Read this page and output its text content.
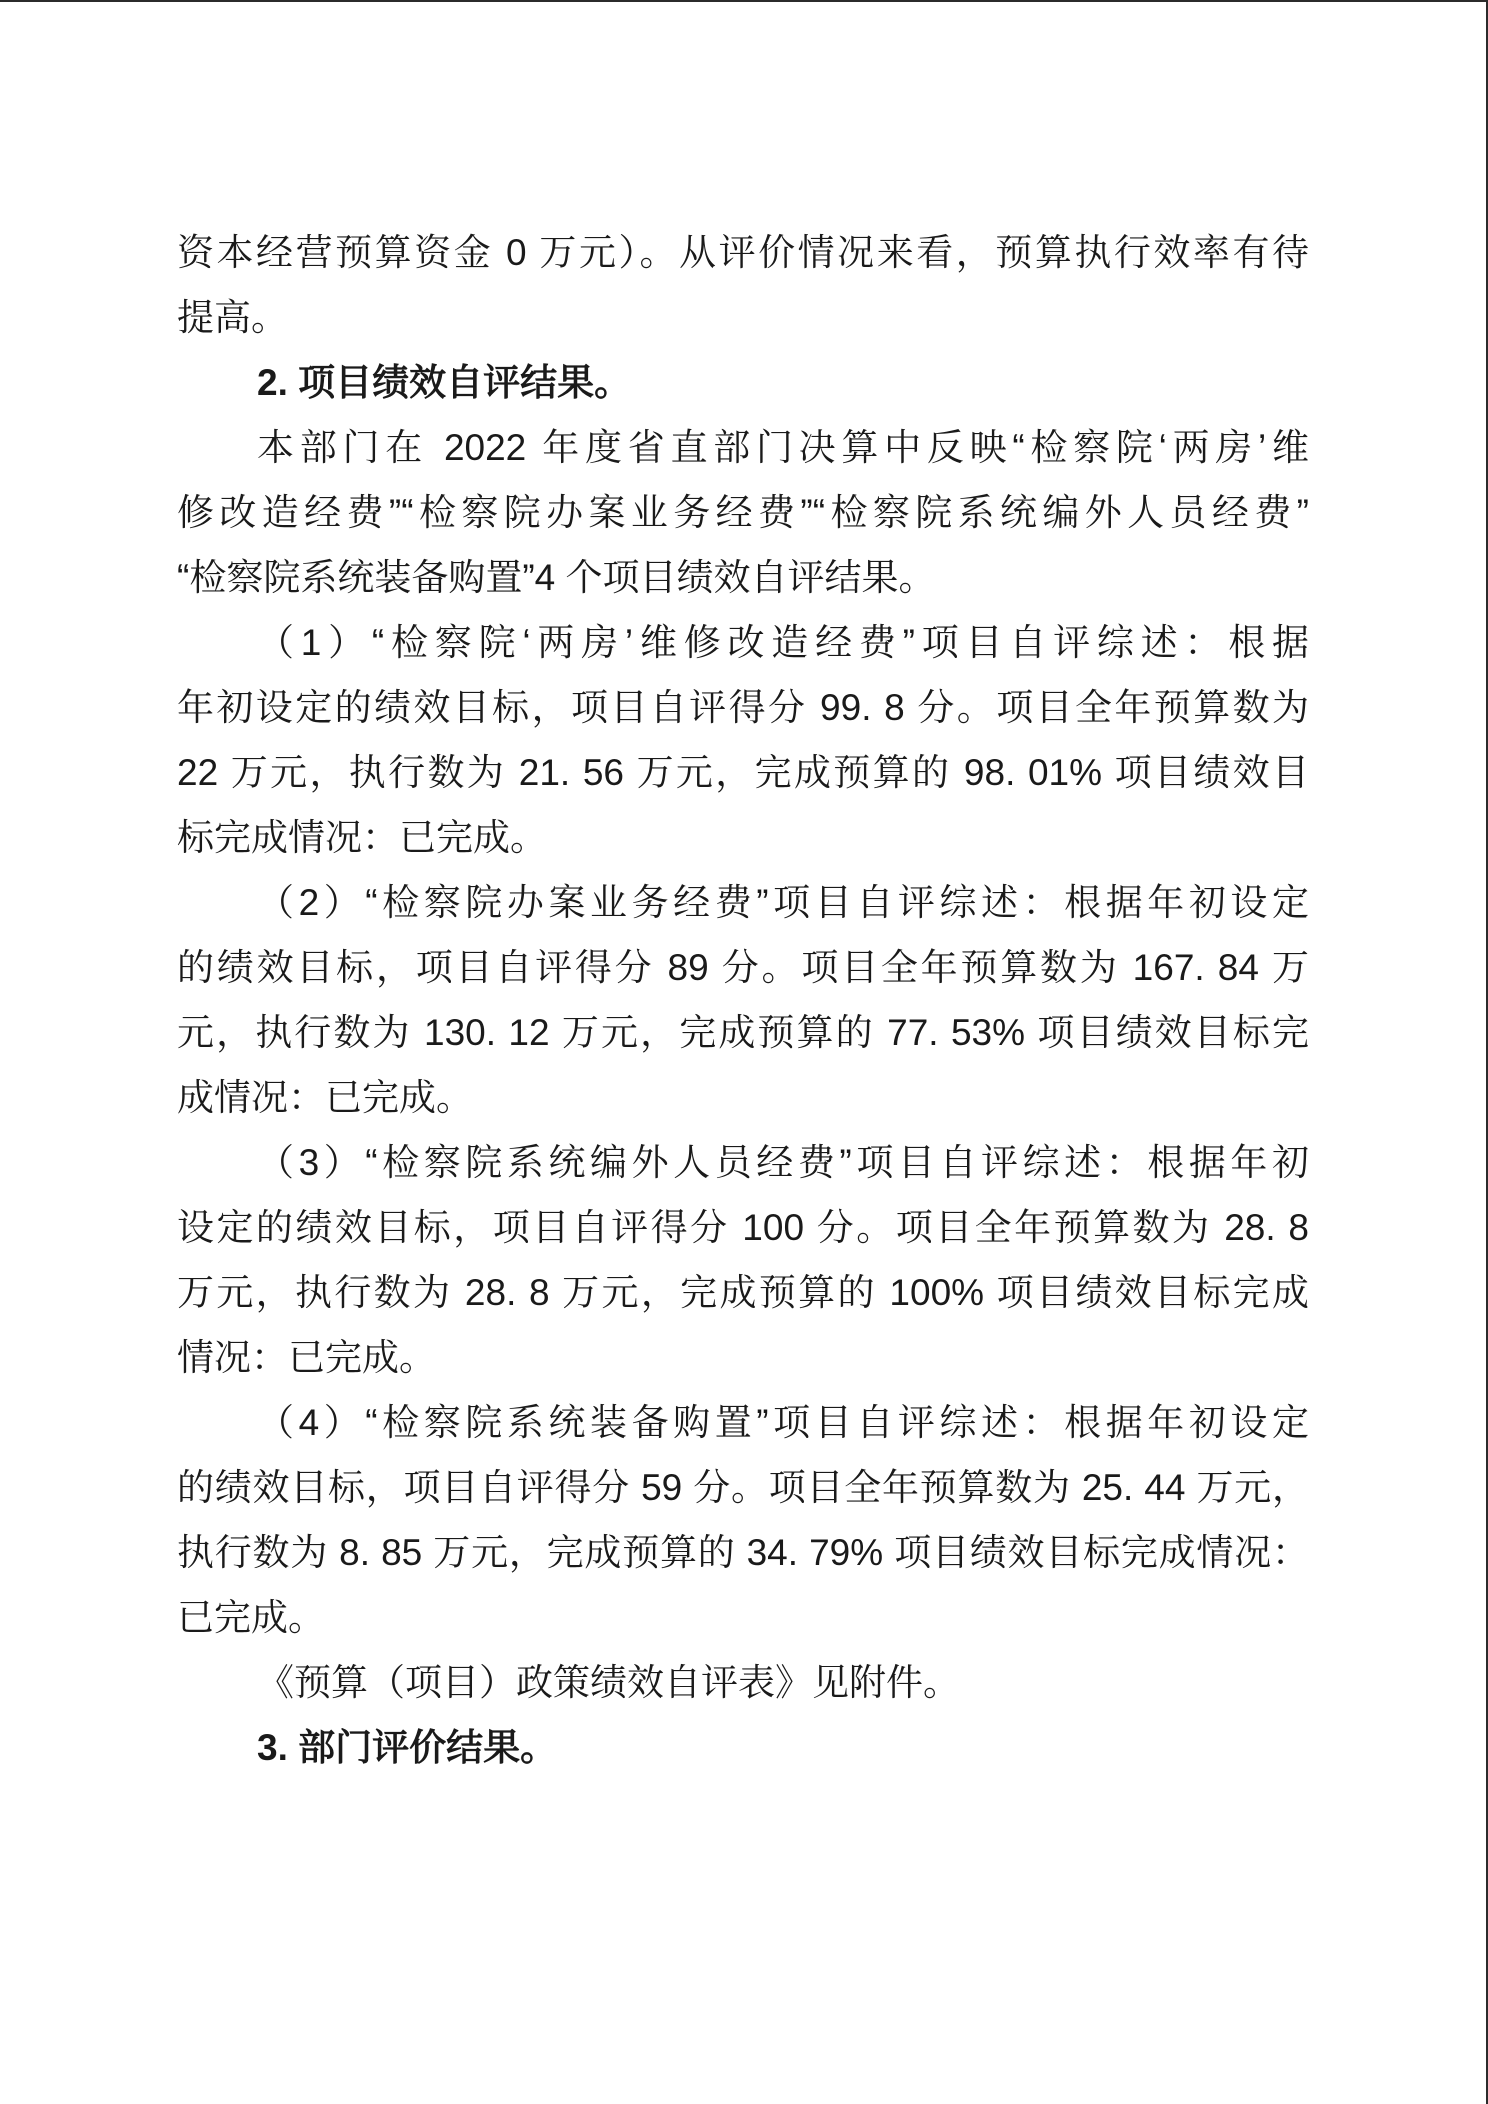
资本经营预算资金 0 万元）。从评价情况来看，预算执行效率有待
提高。
2. 项目绩效自评结果。
本部门在 2022 年度省直部门决算中反映“检察院‘两房’维
修改造经费”“检察院办案业务经费”“检察院系统编外人员经费”
“检察院系统装备购置”4 个项目绩效自评结果。
（1）“检察院‘两房’维修改造经费”项目自评综述：根据
年初设定的绩效目标，项目自评得分 99. 8 分。项目全年预算数为
22 万元，执行数为 21. 56 万元，完成预算的 98. 01% 项目绩效目
标完成情况：已完成。
（2）“检察院办案业务经费”项目自评综述：根据年初设定
的绩效目标，项目自评得分 89 分。项目全年预算数为 167. 84 万
元，执行数为 130. 12 万元，完成预算的 77. 53% 项目绩效目标完
成情况：已完成。
（3）“检察院系统编外人员经费”项目自评综述：根据年初
设定的绩效目标，项目自评得分 100 分。项目全年预算数为 28. 8
万元，执行数为 28. 8 万元，完成预算的 100% 项目绩效目标完成
情况：已完成。
（4）“检察院系统装备购置”项目自评综述：根据年初设定
的绩效目标，项目自评得分 59 分。项目全年预算数为 25. 44 万元，
执行数为 8. 85 万元，完成预算的 34. 79% 项目绩效目标完成情况：
已完成。
《预算（项目）政策绩效自评表》见附件。
3. 部门评价结果。
